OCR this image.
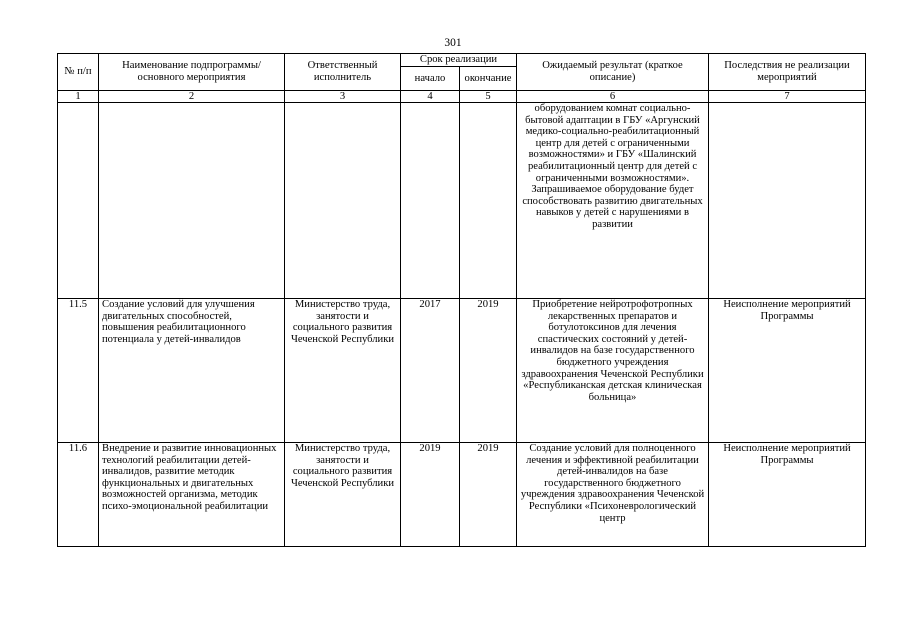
301
№ п/п	Наименование подпрограммы/ основного мероприятия	Ответственный исполнитель	Срок реализации		Ожидаемый результат (краткое описание)	Последствия не реализации мероприятий
			начало	окончание		
1	2	3	4	5	6	7
					оборудованием комнат социально-бытовой адаптации в ГБУ «Аргунский медико-социально-реабилитационный центр для детей с ограниченными возможностями» и ГБУ «Шалинский реабилитационный центр для детей с ограниченными возможностями». Запрашиваемое оборудование будет способствовать развитию двигательных навыков у детей с нарушениями в развитии	
11.5	Создание условий для улучшения двигательных способностей, повышения реабилитационного потенциала у детей-инвалидов	Министерство труда, занятости и социального развития Чеченской Республики	2017	2019	Приобретение нейротрофотропных лекарственных препаратов и ботулотоксинов для лечения спастических состояний у детей-инвалидов на базе государственного бюджетного учреждения здравоохранения Чеченской Республики «Республиканская детская клиническая больница»	Неисполнение мероприятий Программы
11.6	Внедрение и развитие инновационных технологий реабилитации детей-инвалидов, развитие методик функциональных и двигательных возможностей организма, методик психо-эмоциональной реабилитации	Министерство труда, занятости и социального развития Чеченской Республики	2019	2019	Создание условий для полноценного лечения и эффективной реабилитации детей-инвалидов на базе государственного бюджетного учреждения здравоохранения Чеченской Республики «Психоневрологический центр	Неисполнение мероприятий Программы
